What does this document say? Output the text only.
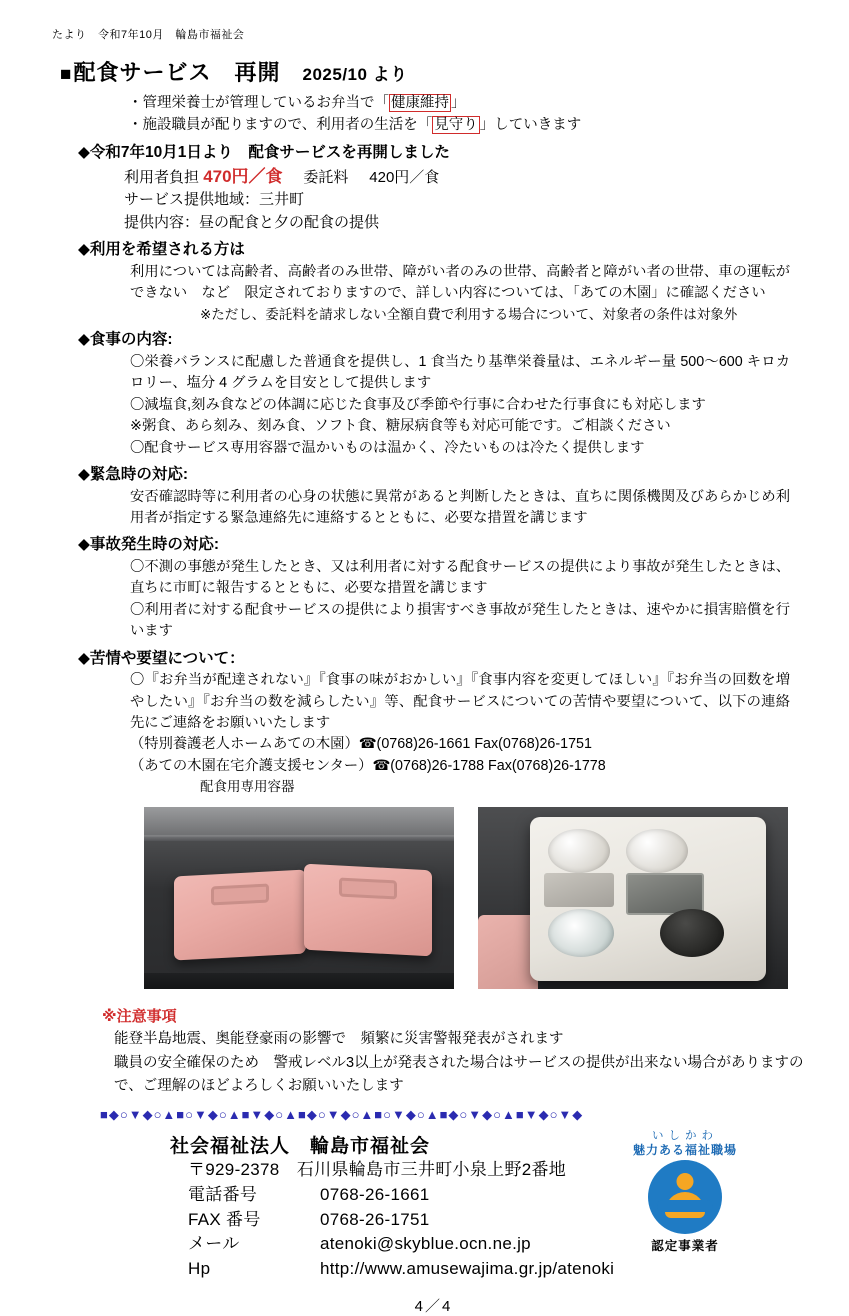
たより　令和7年10月　輪島市福祉会
■ 配食サービス　再開 2025/10 より
・管理栄養士が管理しているお弁当で「 健康維持 」
・施設職員が配りますので、利用者の生活を「 見守り 」していきます
◆令和7年10月1日より　配食サービスを再開しました
利用者負担 470円／食 委託料 420円／食
サービス提供地域：三井町
提供内容：昼の配食と夕の配食の提供
◆利用を希望される方は
利用については高齢者、高齢者のみ世帯、障がい者のみの世帯、高齢者と障がい者の世帯、車の運転ができない　など　限定されておりますので、詳しい内容については、「あての木園」に確認ください
※ただし、委託料を請求しない全額自費で利用する場合について、対象者の条件は対象外
◆食事の内容:
〇栄養バランスに配慮した普通食を提供し、1 食当たり基準栄養量は、エネルギー量 500〜600 キロカロリー、塩分 4 グラムを目安として提供します
〇減塩食,刻み食などの体調に応じた食事及び季節や行事に合わせた行事食にも対応します
※粥食、あら刻み、刻み食、ソフト食、糖尿病食等も対応可能です。ご相談ください
〇配食サービス専用容器で温かいものは温かく、冷たいものは冷たく提供します
◆緊急時の対応:
安否確認時等に利用者の心身の状態に異常があると判断したときは、直ちに関係機関及びあらかじめ利用者が指定する緊急連絡先に連絡するとともに、必要な措置を講じます
◆事故発生時の対応:
〇不測の事態が発生したとき、又は利用者に対する配食サービスの提供により事故が発生したときは、直ちに市町に報告するとともに、必要な措置を講じます
〇利用者に対する配食サービスの提供により損害すべき事故が発生したときは、速やかに損害賠償を行います
◆苦情や要望について：
〇『お弁当が配達されない』『食事の味がおかしい』『食事内容を変更してほしい』『お弁当の回数を増やしたい』『お弁当の数を減らしたい』等、配食サービスについての苦情や要望について、以下の連絡先にご連絡をお願いいたします
（特別養護老人ホームあての木園）☎(0768)26-1661 Fax(0768)26-1751
（あての木園在宅介護支援センター）☎(0768)26-1788 Fax(0768)26-1778
配食用専用容器
※注意事項
能登半島地震、奥能登豪雨の影響で　頻繁に災害警報発表がされます
職員の安全確保のため　警戒レベル3以上が発表された場合はサービスの提供が出来ない場合がありますので、ご理解のほどよろしくお願いいたします
■◆○▼◆○▲■○▼◆○▲■▼◆○▲■◆○▼◆○▲■○▼◆○▲■◆○▼◆○▲■▼◆○▼◆
社会福祉法人　輪島市福祉会
〒929-2378　石川県輪島市三井町小泉上野2番地
電話番号	0768-26-1661
FAX 番号	0768-26-1751
メール	atenoki@skyblue.ocn.ne.jp
Hp	http://www.amusewajima.gr.jp/atenoki
いしかわ
魅力ある福祉職場
認定事業者
4／4
